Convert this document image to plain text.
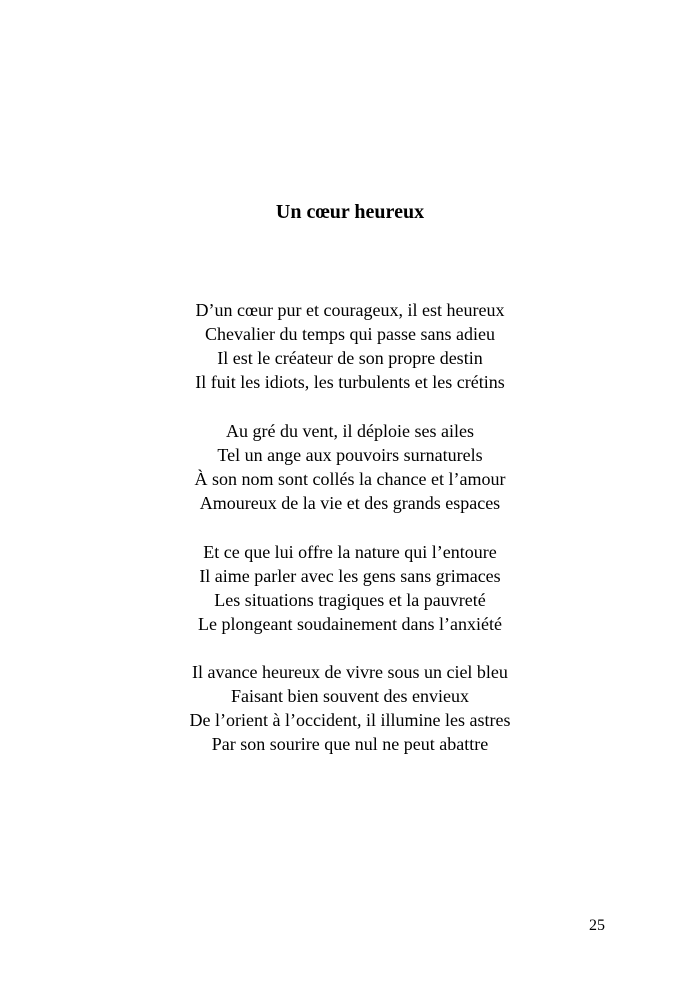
Un cœur heureux
D’un cœur pur et courageux, il est heureux
Chevalier du temps qui passe sans adieu
Il est le créateur de son propre destin
Il fuit les idiots, les turbulents et les crétins
Au gré du vent, il déploie ses ailes
Tel un ange aux pouvoirs surnaturels
À son nom sont collés la chance et l’amour
Amoureux de la vie et des grands espaces
Et ce que lui offre la nature qui l’entoure
Il aime parler avec les gens sans grimaces
Les situations tragiques et la pauvreté
Le plongeant soudainement dans l’anxiété
Il avance heureux de vivre sous un ciel bleu
Faisant bien souvent des envieux
De l’orient à l’occident, il illumine les astres
Par son sourire que nul ne peut abattre
25
